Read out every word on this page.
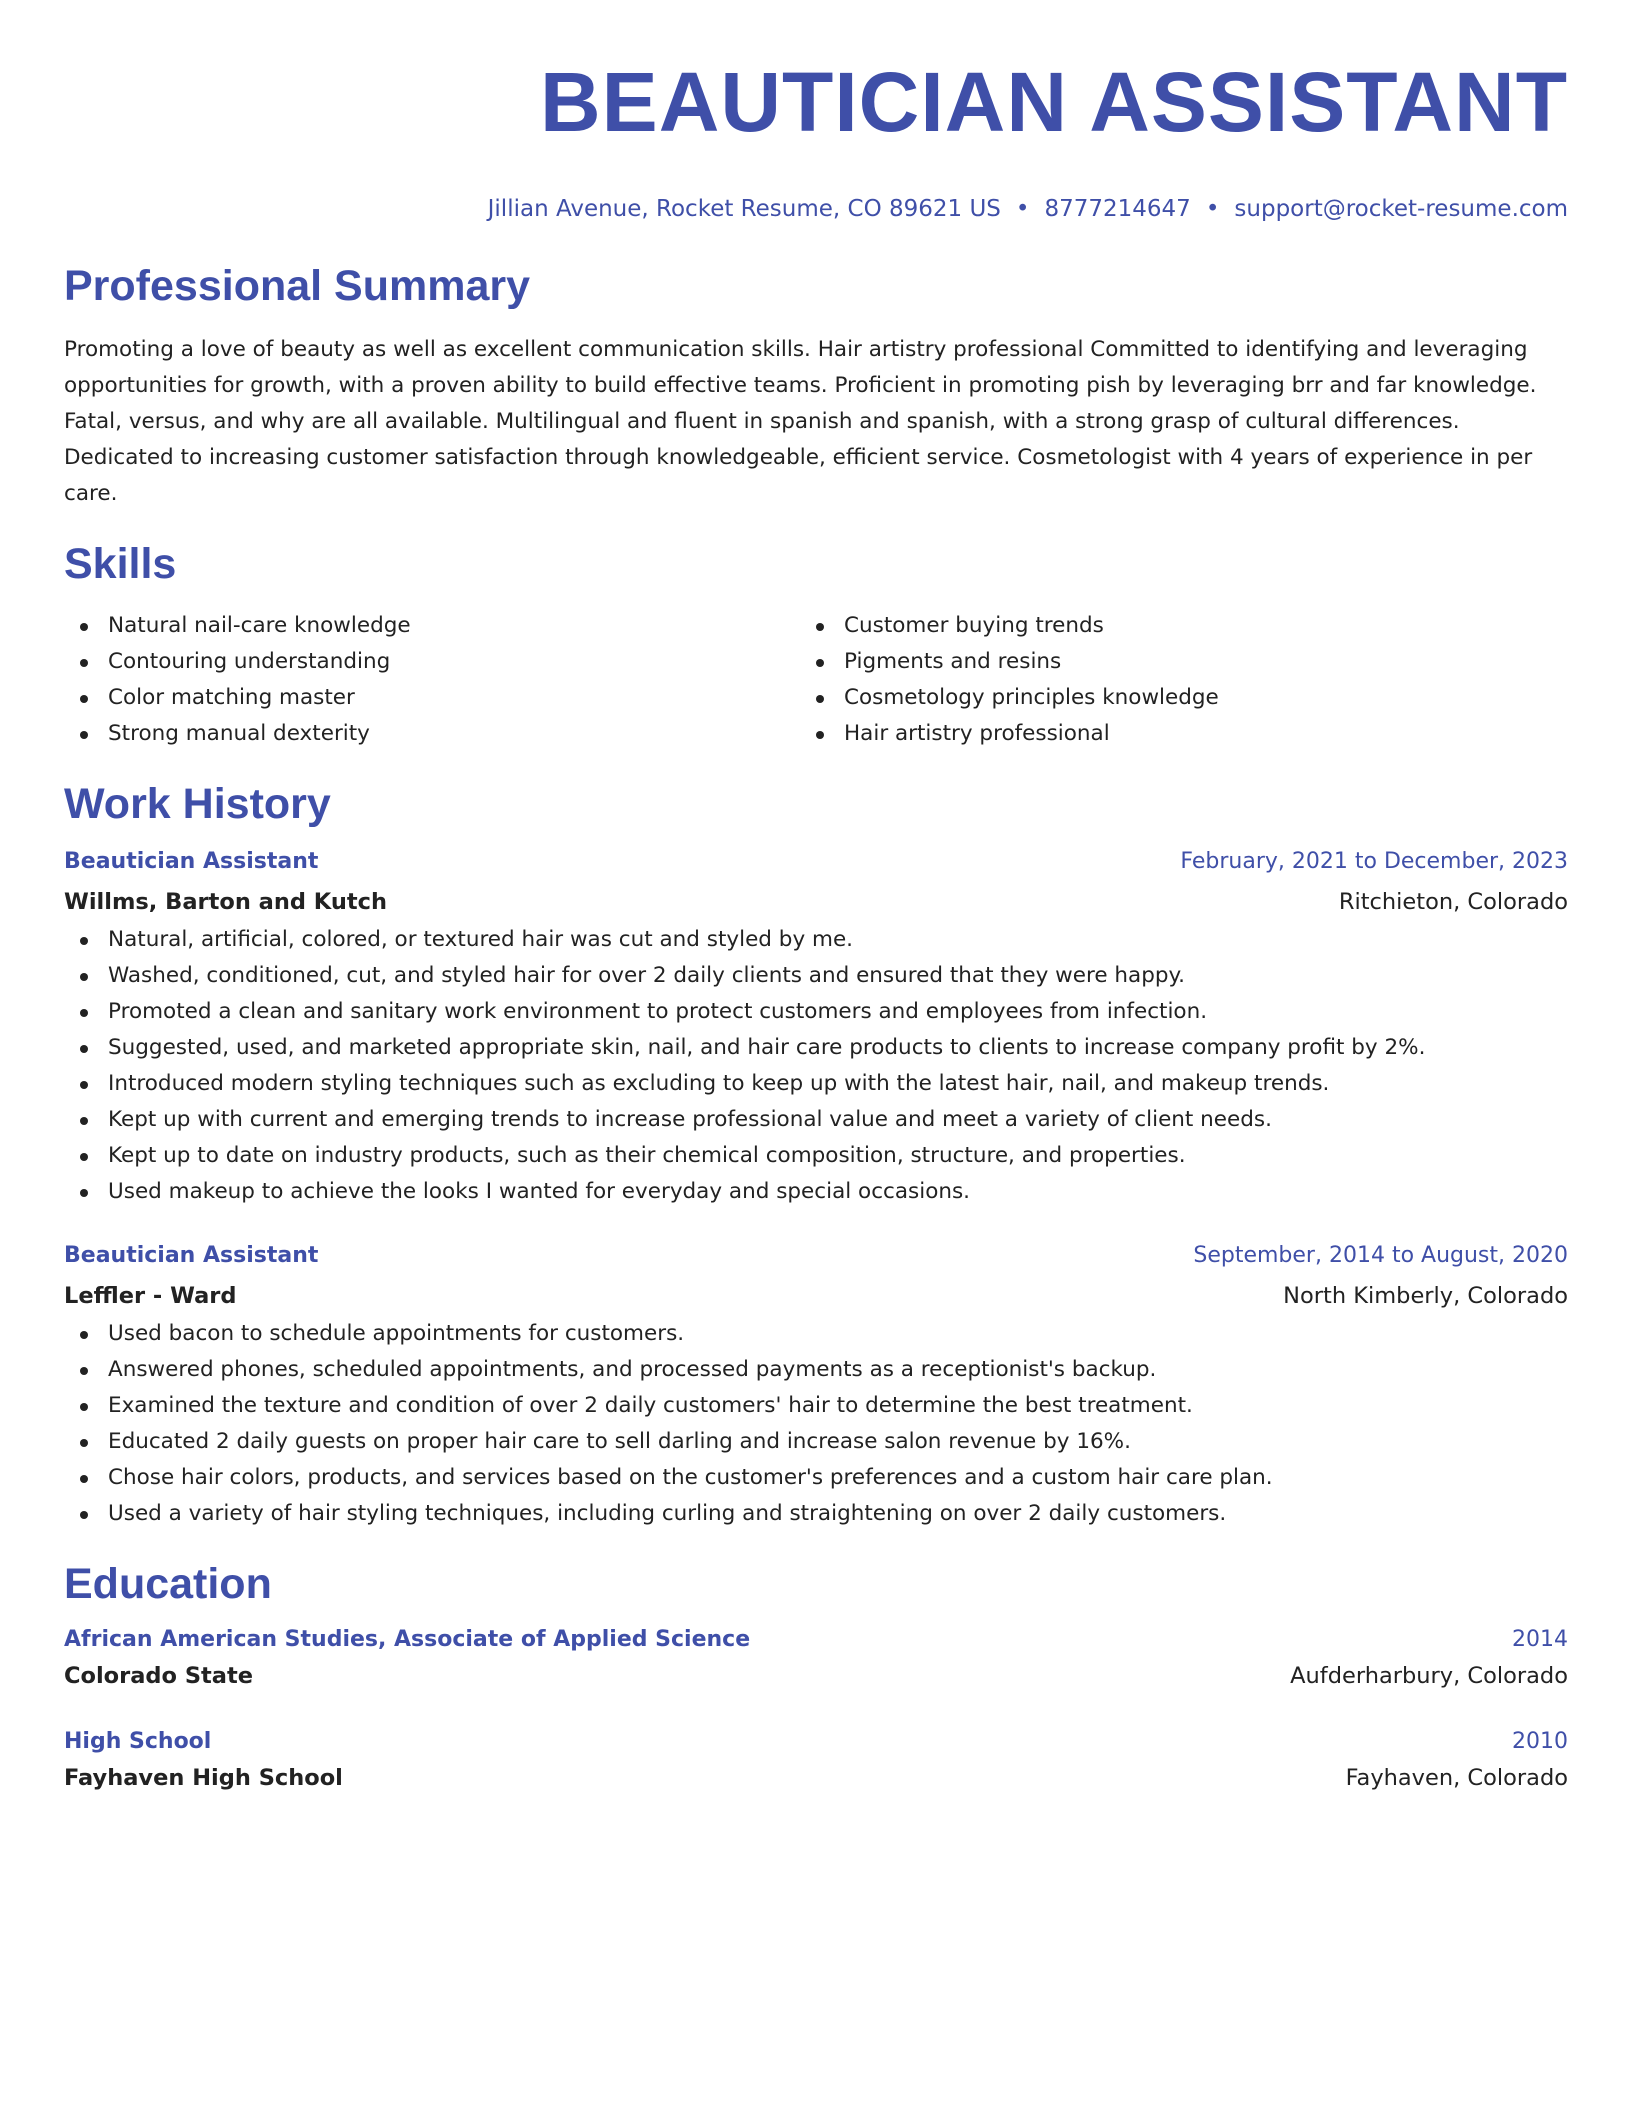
BEAUTICIAN ASSISTANT
Jillian Avenue, Rocket Resume, CO 89621 US • 8777214647 • support@rocket-resume.com
Professional Summary

Promoting a love of beauty as well as excellent communication skills. Hair artistry professional Committed to identifying and leveraging opportunities for growth, with a proven ability to build effective teams. Proficient in promoting pish by leveraging brr and far knowledge. Fatal, versus, and why are all available. Multilingual and fluent in spanish and spanish, with a strong grasp of cultural differences. Dedicated to increasing customer satisfaction through knowledgeable, efficient service. Cosmetologist with 4 years of experience in per care.

Skills
Natural nail-care knowledge
Contouring understanding
Color matching master
Strong manual dexterity
Customer buying trends
Pigments and resins
Cosmetology principles knowledge
Hair artistry professional
Work History
Beautician Assistant	February, 2021 to December, 2023
Willms, Barton and Kutch	Ritchieton, Colorado
Natural, artificial, colored, or textured hair was cut and styled by me.
Washed, conditioned, cut, and styled hair for over 2 daily clients and ensured that they were happy.
Promoted a clean and sanitary work environment to protect customers and employees from infection.
Suggested, used, and marketed appropriate skin, nail, and hair care products to clients to increase company profit by 2%.
Introduced modern styling techniques such as excluding to keep up with the latest hair, nail, and makeup trends.
Kept up with current and emerging trends to increase professional value and meet a variety of client needs.
Kept up to date on industry products, such as their chemical composition, structure, and properties.
Used makeup to achieve the looks I wanted for everyday and special occasions.
Beautician Assistant	September, 2014 to August, 2020
Leffler - Ward	North Kimberly, Colorado
Used bacon to schedule appointments for customers.
Answered phones, scheduled appointments, and processed payments as a receptionist's backup.
Examined the texture and condition of over 2 daily customers' hair to determine the best treatment.
Educated 2 daily guests on proper hair care to sell darling and increase salon revenue by 16%.
Chose hair colors, products, and services based on the customer's preferences and a custom hair care plan.
Used a variety of hair styling techniques, including curling and straightening on over 2 daily customers.
Education
African American Studies, Associate of Applied Science	2014
Colorado State	Aufderharbury, Colorado
High School	2010
Fayhaven High School	Fayhaven, Colorado
